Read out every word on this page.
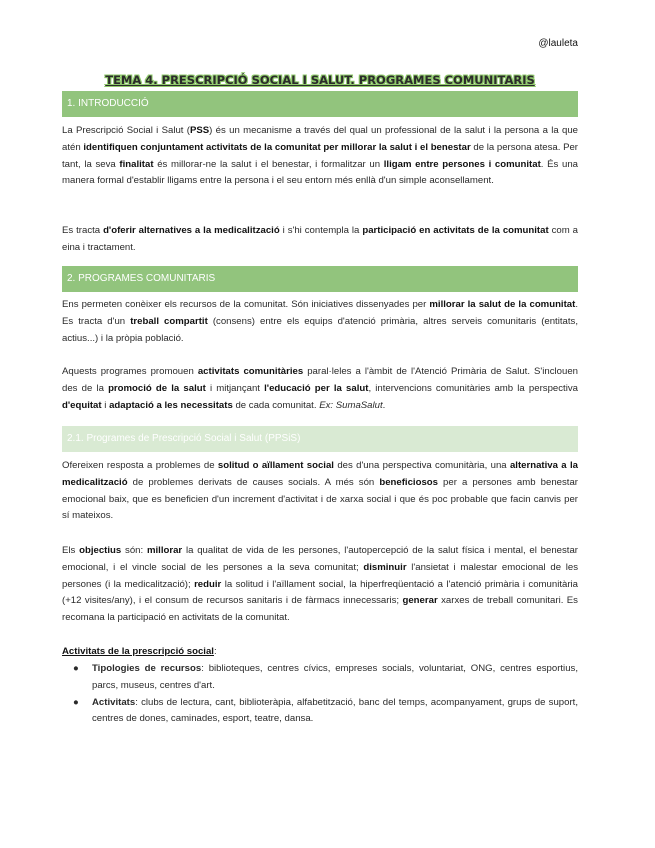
@lauleta
TEMA 4. PRESCRIPCIÓ SOCIAL I SALUT. PROGRAMES COMUNITARIS
1. INTRODUCCIÓ

La Prescripció Social i Salut (PSS) és un mecanisme a través del qual un professional de la salut i la persona a la que atén identifiquen conjuntament activitats de la comunitat per millorar la salut i el benestar de la persona atesa. Per tant, la seva finalitat és millorar-ne la salut i el benestar, i formalitzar un lligam entre persones i comunitat. És una manera formal d'establir lligams entre la persona i el seu entorn més enllà d'un simple aconsellament.

Es tracta d'oferir alternatives a la medicalització i s'hi contempla la participació en activitats de la comunitat com a eina i tractament.

2. PROGRAMES COMUNITARIS

Ens permeten conèixer els recursos de la comunitat. Són iniciatives dissenyades per millorar la salut de la comunitat. Es tracta d'un treball compartit (consens) entre els equips d'atenció primària, altres serveis comunitaris (entitats, actius...) i la pròpia població.

Aquests programes promouen activitats comunitàries paral·leles a l'àmbit de l'Atenció Primària de Salut. S'inclouen des de la promoció de la salut i mitjançant l'educació per la salut, intervencions comunitàries amb la perspectiva d'equitat i adaptació a les necessitats de cada comunitat. Ex: SumaSalut.

2.1. Programes de Prescripció Social i Salut (PPSiS)

Ofereixen resposta a problemes de solitud o aïllament social des d'una perspectiva comunitària, una alternativa a la medicalització de problemes derivats de causes socials. A més són beneficiosos per a persones amb benestar emocional baix, que es beneficien d'un increment d'activitat i de xarxa social i que és poc probable que facin canvis per sí mateixos.

Els objectius són: millorar la qualitat de vida de les persones, l'autopercepció de la salut física i mental, el benestar emocional, i el vincle social de les persones a la seva comunitat; disminuir l'ansietat i malestar emocional de les persones (i la medicalització); reduir la solitud i l'aïllament social, la hiperfreqüentació a l'atenció primària i comunitària (+12 visites/any), i el consum de recursos sanitaris i de fàrmacs innecessaris; generar xarxes de treball comunitari. Es recomana la participació en activitats de la comunitat.

Activitats de la prescripció social:

● Tipologies de recursos: biblioteques, centres cívics, empreses socials, voluntariat, ONG, centres esportius, parcs, museus, centres d'art.
● Activitats: clubs de lectura, cant, biblioteràpia, alfabetització, banc del temps, acompanyament, grups de suport, centres de dones, caminades, esport, teatre, dansa.
